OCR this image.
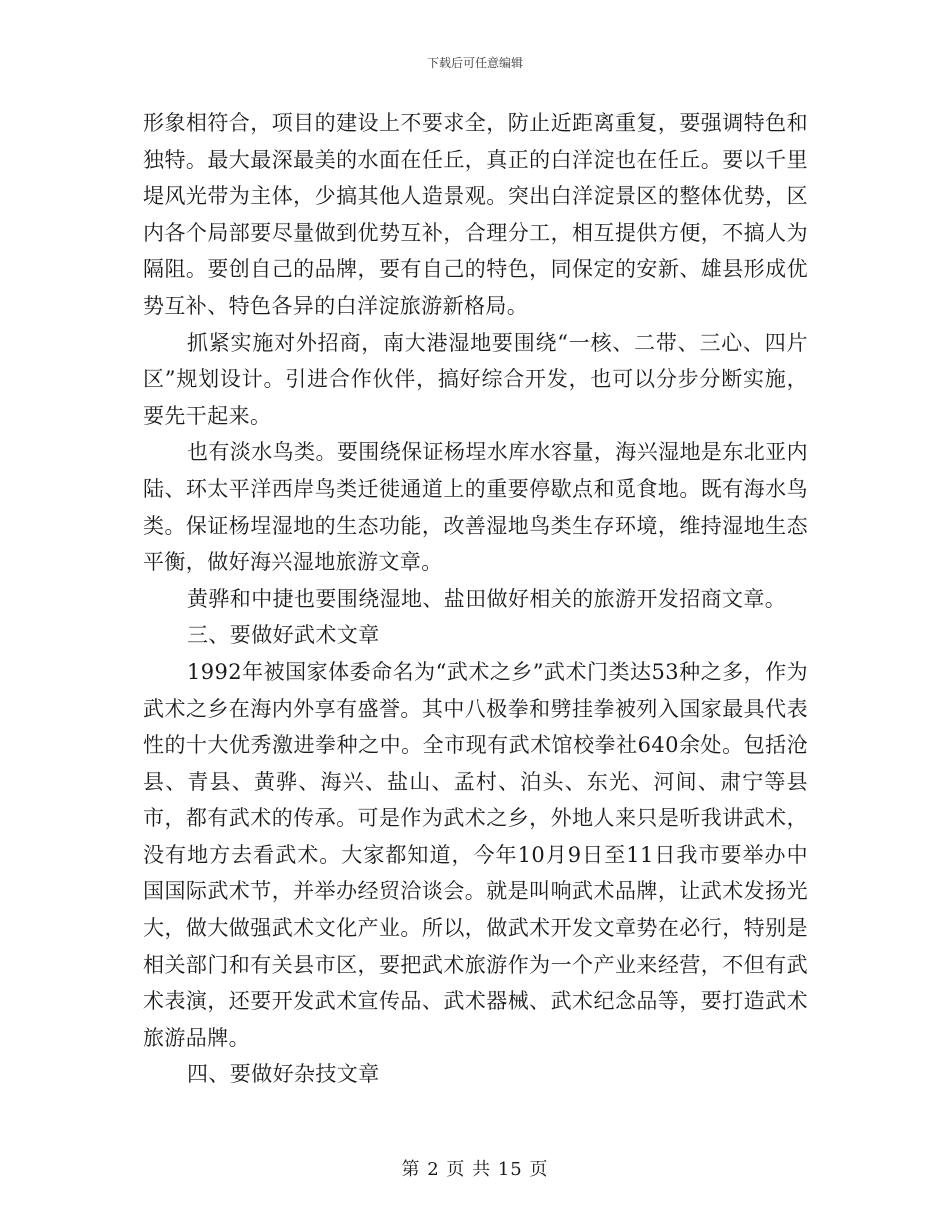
下载后可任意编辑

形象相符合，项目的建设上不要求全，防止近距离重复，要强调特色和独特。最大最深最美的水面在任丘，真正的白洋淀也在任丘。要以千里堤风光带为主体，少搞其他人造景观。突出白洋淀景区的整体优势，区内各个局部要尽量做到优势互补，合理分工，相互提供方便，不搞人为隔阻。要创自己的品牌，要有自己的特色，同保定的安新、雄县形成优势互补、特色各异的白洋淀旅游新格局。

抓紧实施对外招商，南大港湿地要围绕“一核、二带、三心、四片区”规划设计。引进合作伙伴，搞好综合开发，也可以分步分断实施，要先干起来。

也有淡水鸟类。要围绕保证杨埕水库水容量，海兴湿地是东北亚内陆、环太平洋西岸鸟类迁徙通道上的重要停歇点和觅食地。既有海水鸟类。保证杨埕湿地的生态功能，改善湿地鸟类生存环境，维持湿地生态平衡，做好海兴湿地旅游文章。

黄骅和中捷也要围绕湿地、盐田做好相关的旅游开发招商文章。

三、要做好武术文章

1992年被国家体委命名为“武术之乡”武术门类达53种之多，作为武术之乡在海内外享有盛誉。其中八极拳和劈挂拳被列入国家最具代表性的十大优秀激进拳种之中。全市现有武术馆校拳社640余处。包括沧县、青县、黄骅、海兴、盐山、孟村、泊头、东光、河间、肃宁等县市，都有武术的传承。可是作为武术之乡，外地人来只是听我讲武术，没有地方去看武术。大家都知道，今年10月9日至11日我市要举办中国国际武术节，并举办经贸洽谈会。就是叫响武术品牌，让武术发扬光大，做大做强武术文化产业。所以，做武术开发文章势在必行，特别是相关部门和有关县市区，要把武术旅游作为一个产业来经营，不但有武术表演，还要开发武术宣传品、武术器械、武术纪念品等，要打造武术旅游品牌。

四、要做好杂技文章

第 2 页 共 15 页
